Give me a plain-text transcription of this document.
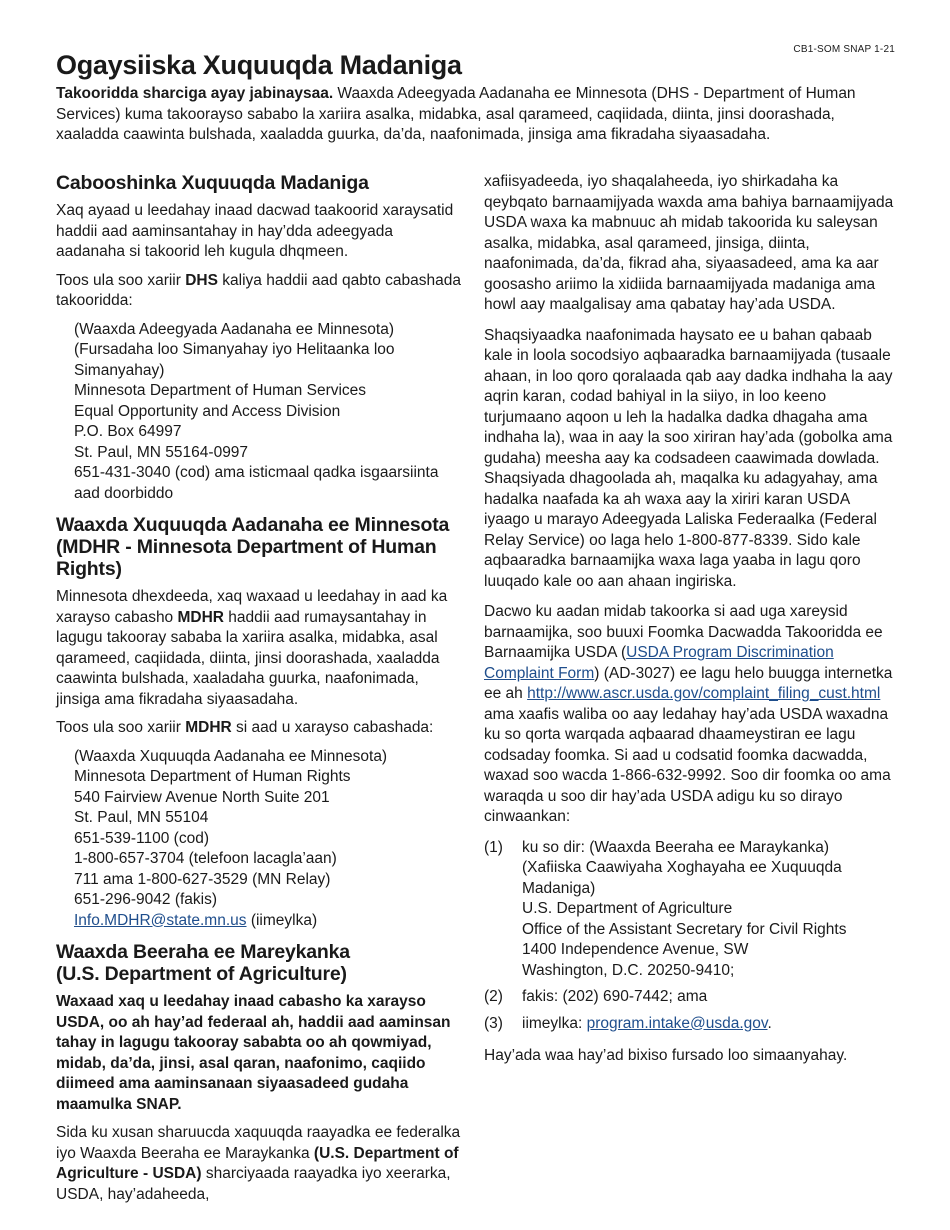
CB1-SOM SNAP 1-21
Ogaysiiska Xuquuqda Madaniga

Takooridda sharciga ayay jabinaysaa. Waaxda Adeegyada Aadanaha ee Minnesota (DHS - Department of Human Services) kuma takoorayso sababo la xariira asalka, midabka, asal qarameed, caqiidada, diinta, jinsi doorashada, xaaladda caawinta bulshada, xaaladda guurka, da’da, naafonimada, jinsiga ama fikradaha siyaasadaha.

Cabooshinka Xuquuqda Madaniga

Xaq ayaad u leedahay inaad dacwad taakoorid xaraysatid haddii aad aaminsantahay in hay’dda adeegyada aadanaha si takoorid leh kugula dhqmeen.

Toos ula soo xariir DHS kaliya haddii aad qabto cabashada takooridda:

(Waaxda Adeegyada Aadanaha ee Minnesota)
(Fursadaha loo Simanyahay iyo Helitaanka loo Simanyahay)
Minnesota Department of Human Services
Equal Opportunity and Access Division
P.O. Box 64997
St. Paul, MN 55164-0997
651-431-3040 (cod) ama isticmaal qadka isgaarsiinta aad doorbiddo
Waaxda Xuquuqda Aadanaha ee Minnesota (MDHR - Minnesota Department of Human Rights)

Minnesota dhexdeeda, xaq waxaad u leedahay in aad ka xarayso cabasho MDHR haddii aad rumaysantahay in lagugu takooray sababa la xariira asalka, midabka, asal qarameed, caqiidada, diinta, jinsi doorashada, xaaladda caawinta bulshada, xaaladaha guurka, naafonimada, jinsiga ama fikradaha siyaasadaha.

Toos ula soo xariir MDHR si aad u xarayso cabashada:

(Waaxda Xuquuqda Aadanaha ee Minnesota)
Minnesota Department of Human Rights
540 Fairview Avenue North Suite 201
St. Paul, MN 55104
651-539-1100 (cod)
1-800-657-3704 (telefoon lacagla’aan)
711 ama 1-800-627-3529 (MN Relay)
651-296-9042 (fakis)
Info.MDHR@state.mn.us (iimeylka)
Waaxda Beeraha ee Mareykanka
(U.S. Department of Agriculture)

Waxaad xaq u leedahay inaad cabasho ka xarayso USDA, oo ah hay’ad federaal ah, haddii aad aaminsan tahay in lagugu takooray sababta oo ah qowmiyad, midab, da’da, jinsi, asal qaran, naafonimo, caqiido diimeed ama aaminsanaan siyaasadeed gudaha maamulka SNAP.

Sida ku xusan sharuucda xaquuqda raayadka ee federalka iyo Waaxda Beeraha ee Maraykanka (U.S. Department of Agriculture - USDA) sharciyaada raayadka iyo xeerarka, USDA, hay’adaheeda,

xafiisyadeeda, iyo shaqalaheeda, iyo shirkadaha ka qeybqato barnaamijyada waxda ama bahiya barnaamijyada USDA waxa ka mabnuuc ah midab takoorida ku saleysan asalka, midabka, asal qarameed, jinsiga, diinta, naafonimada, da’da, fikrad aha, siyaasadeed, ama ka aar goosasho ariimo la xidiida barnaamijyada madaniga ama howl aay maalgalisay ama qabatay hay’ada USDA.

Shaqsiyaadka naafonimada haysato ee u bahan qabaab kale in loola socodsiyo aqbaaradka barnaamijyada (tusaale ahaan, in loo qoro qoralaada qab aay dadka indhaha la aay aqrin karan, codad bahiyal in la siiyo, in loo keeno turjumaano aqoon u leh la hadalka dadka dhagaha ama indhaha la), waa in aay la soo xiriran hay’ada (gobolka ama gudaha) meesha aay ka codsadeen caawimada dowlada. Shaqsiyada dhagoolada ah, maqalka ku adagyahay, ama hadalka naafada ka ah waxa aay la xiriri karan USDA iyaago u marayo Adeegyada Laliska Federaalka (Federal Relay Service) oo laga helo 1-800-877-8339. Sido kale aqbaaradka barnaamijka waxa laga yaaba in lagu qoro luuqado kale oo aan ahaan ingiriska.

Dacwo ku aadan midab takoorka si aad uga xareysid barnaamijka, soo buuxi Foomka Dacwadda Takooridda ee Barnaamijka USDA (USDA Program Discrimination Complaint Form) (AD-3027) ee lagu helo buugga internetka ee ah http://www.ascr.usda.gov/complaint_filing_cust.html ama xaafis waliba oo aay ledahay hay’ada USDA waxadna ku so qorta warqada aqbaarad dhaameystiran ee lagu codsaday foomka. Si aad u codsatid foomka dacwadda, waxad soo wacda 1-866-632-9992. Soo dir foomka oo ama waraqda u soo dir hay’ada USDA adigu ku so dirayo cinwaankan:

(1)	ku so dir: (Waaxda Beeraha ee Maraykanka)
(Xafiiska Caawiyaha Xoghayaha ee Xuquuqda Madaniga)
U.S. Department of Agriculture
Office of the Assistant Secretary for Civil Rights
1400 Independence Avenue, SW
Washington, D.C. 20250-9410;
(2)	fakis: (202) 690-7442; ama
(3)	iimeylka: program.intake@usda.gov.

Hay’ada waa hay’ad bixiso fursado loo simaanyahay.
